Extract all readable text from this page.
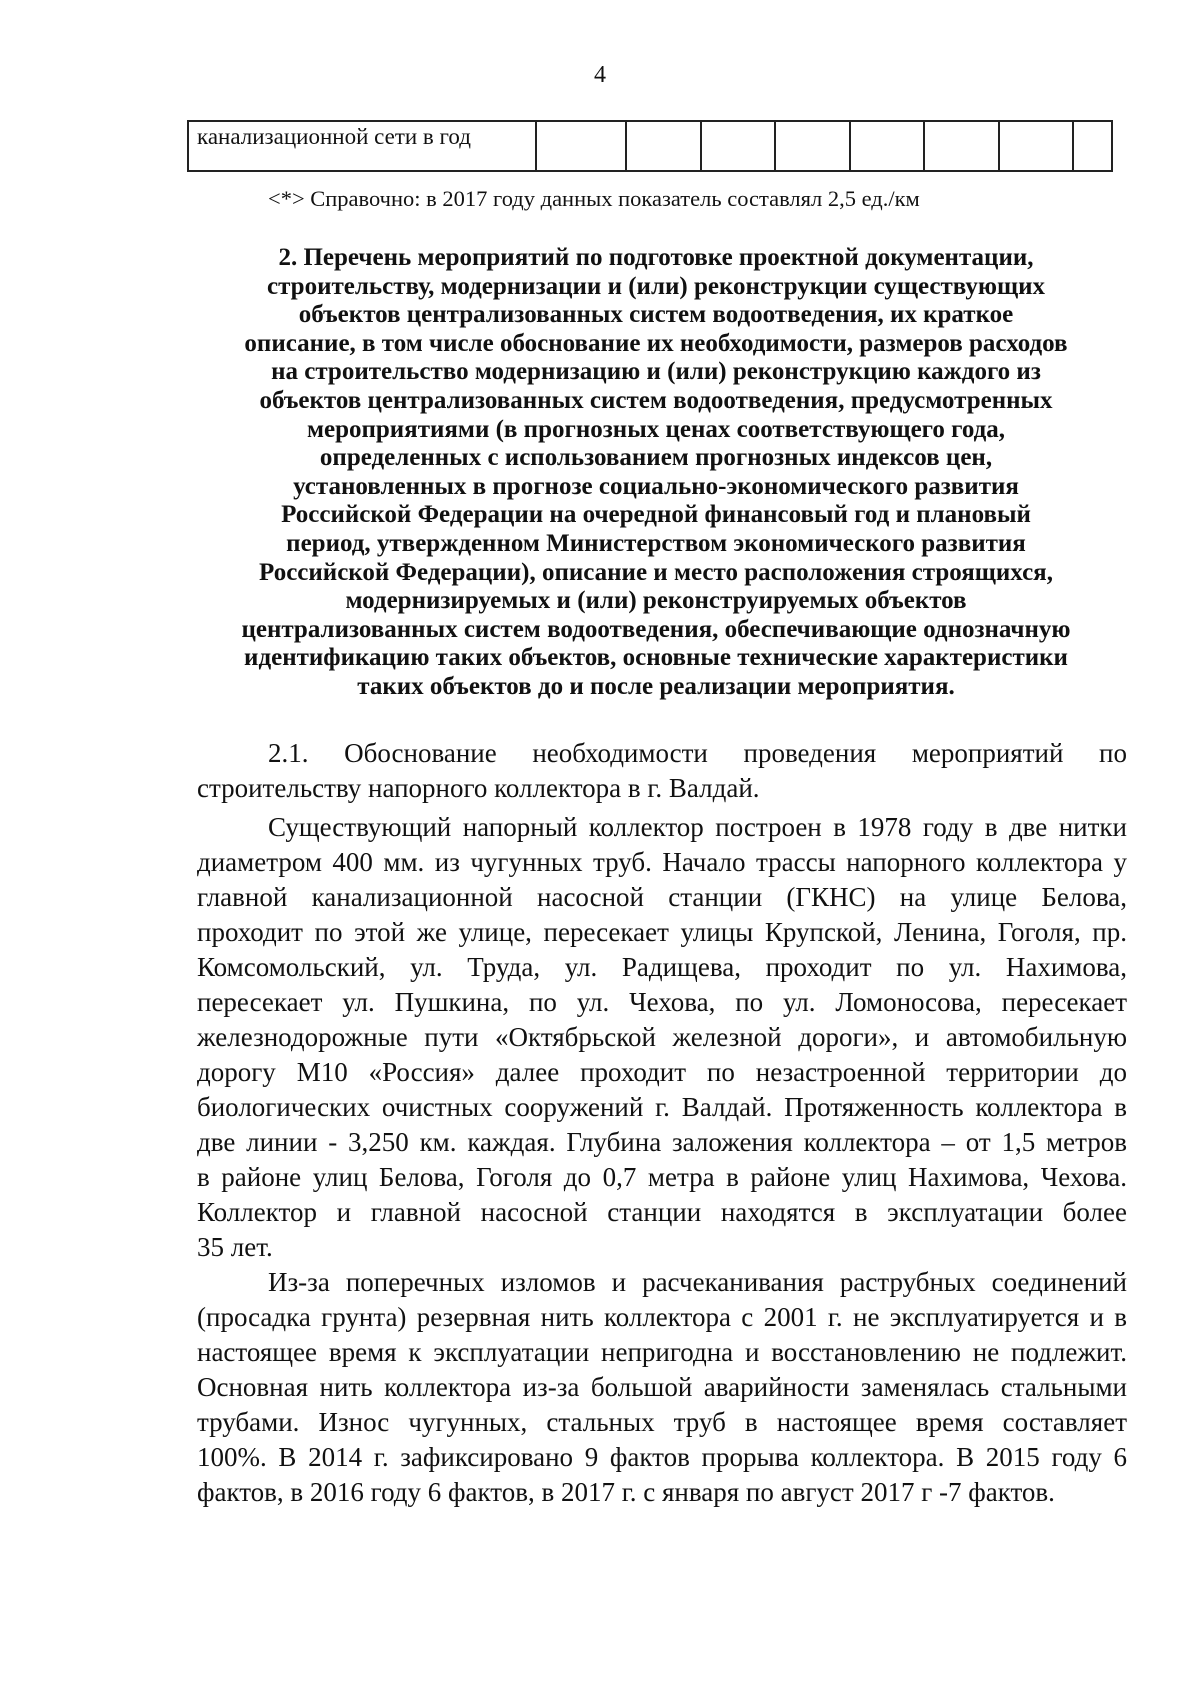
4
канализационной сети в год								
<*> Справочно: в 2017 году данных показатель составлял 2,5 ед./км
2. Перечень мероприятий по подготовке проектной документации,
строительству, модернизации и (или) реконструкции существующих
объектов централизованных систем водоотведения, их краткое
описание, в том числе обоснование их необходимости, размеров расходов
на строительство модернизацию и (или) реконструкцию каждого из
объектов централизованных систем водоотведения, предусмотренных
мероприятиями (в прогнозных ценах соответствующего года,
определенных с использованием прогнозных индексов цен,
установленных в прогнозе социально-экономического развития
Российской Федерации на очередной финансовый год и плановый
период, утвержденном Министерством экономического развития
Российской Федерации), описание и место расположения строящихся,
модернизируемых и (или) реконструируемых объектов
централизованных систем водоотведения, обеспечивающие однозначную
идентификацию таких объектов, основные технические характеристики
таких объектов до и после реализации мероприятия.
2.1. Обоснование необходимости проведения мероприятий по
строительству напорного коллектора в г. Валдай.
Существующий напорный коллектор построен в 1978 году в две нитки
диаметром 400 мм. из чугунных труб. Начало трассы напорного коллектора у
главной канализационной насосной станции (ГКНС) на улице Белова,
проходит по этой же улице, пересекает улицы Крупской, Ленина, Гоголя, пр.
Комсомольский, ул. Труда, ул. Радищева, проходит по ул. Нахимова,
пересекает ул. Пушкина, по ул. Чехова, по ул. Ломоносова, пересекает
железнодорожные пути «Октябрьской железной дороги», и автомобильную
дорогу М10 «Россия» далее проходит по незастроенной территории до
биологических очистных сооружений г. Валдай. Протяженность коллектора в
две линии - 3,250 км. каждая. Глубина заложения коллектора – от 1,5 метров
в районе улиц Белова, Гоголя до 0,7 метра в районе улиц Нахимова, Чехова.
Коллектор и главной насосной станции находятся в эксплуатации более
35 лет.
Из-за поперечных изломов и расчеканивания раструбных соединений
(просадка грунта) резервная нить коллектора с 2001 г. не эксплуатируется и в
настоящее время к эксплуатации непригодна и восстановлению не подлежит.
Основная нить коллектора из-за большой аварийности заменялась стальными
трубами. Износ чугунных, стальных труб в настоящее время составляет
100%. В 2014 г. зафиксировано 9 фактов прорыва коллектора. В 2015 году 6
фактов, в 2016 году 6 фактов, в 2017 г. с января по август 2017 г -7 фактов.
